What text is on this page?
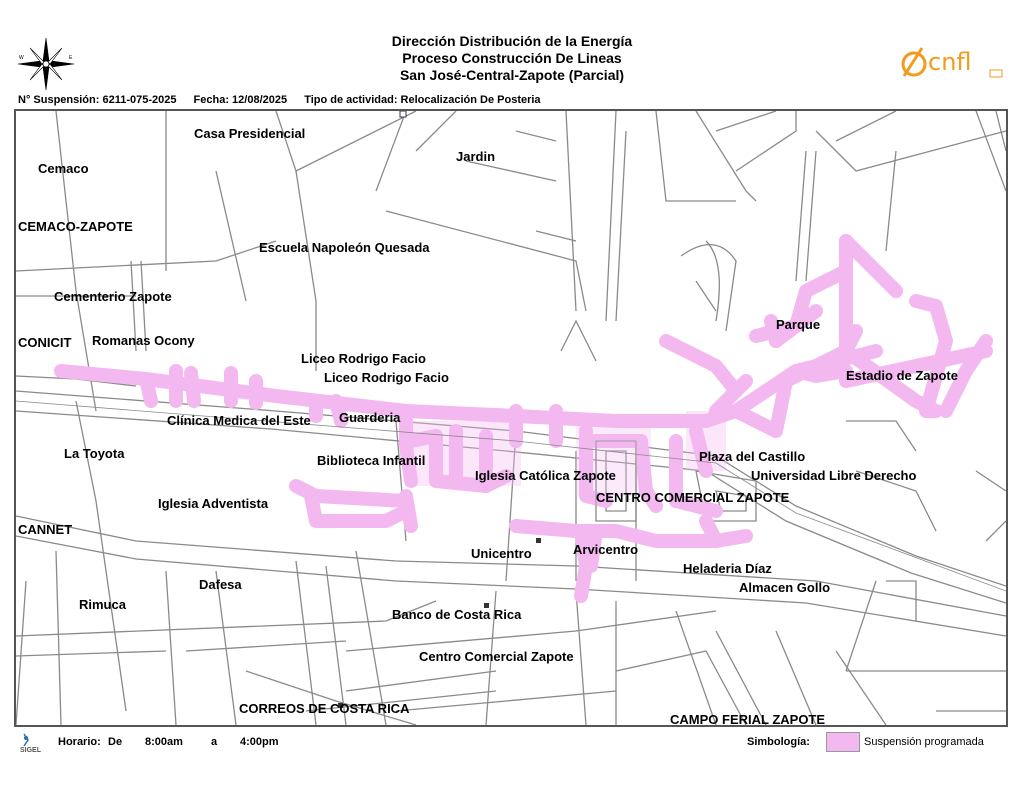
Dirección Distribución de la Energía
Proceso Construcción De Lineas
San José-Central-Zapote (Parcial)
W	E	cnfl
N° Suspensión: 6211-075-2025 Fecha: 12/08/2025 Tipo de actividad: Relocalización De Posteria
Casa Presidencial
Jardin
Cemaco
CEMACO-ZAPOTE
Escuela Napoleón Quesada
Cementerio Zapote
CONICIT Romanas Ocony
Liceo Rodrigo Facio
Liceo Rodrigo Facio
Parque
Estadio de Zapote
Clínica Medica del Este Guarderia
La Toyota	Biblioteca Infantil	Plaza del Castillo
Universidad Libre Derecho
Iglesia Católica Zapote
Iglesia Adventista	CENTRO COMERCIAL ZAPOTE
CANNET
Unicentro	Arvicentro
Heladeria Díaz
Almacen Gollo
Dafesa
Rimuca
Banco de Costa Rica
Centro Comercial Zapote
CORREOS DE COSTA RICA
CAMPO FERIAL ZAPOTE
SIGEL
Horario: De 8:00am	a 4:00pm	Simbología:	Suspensión programada
